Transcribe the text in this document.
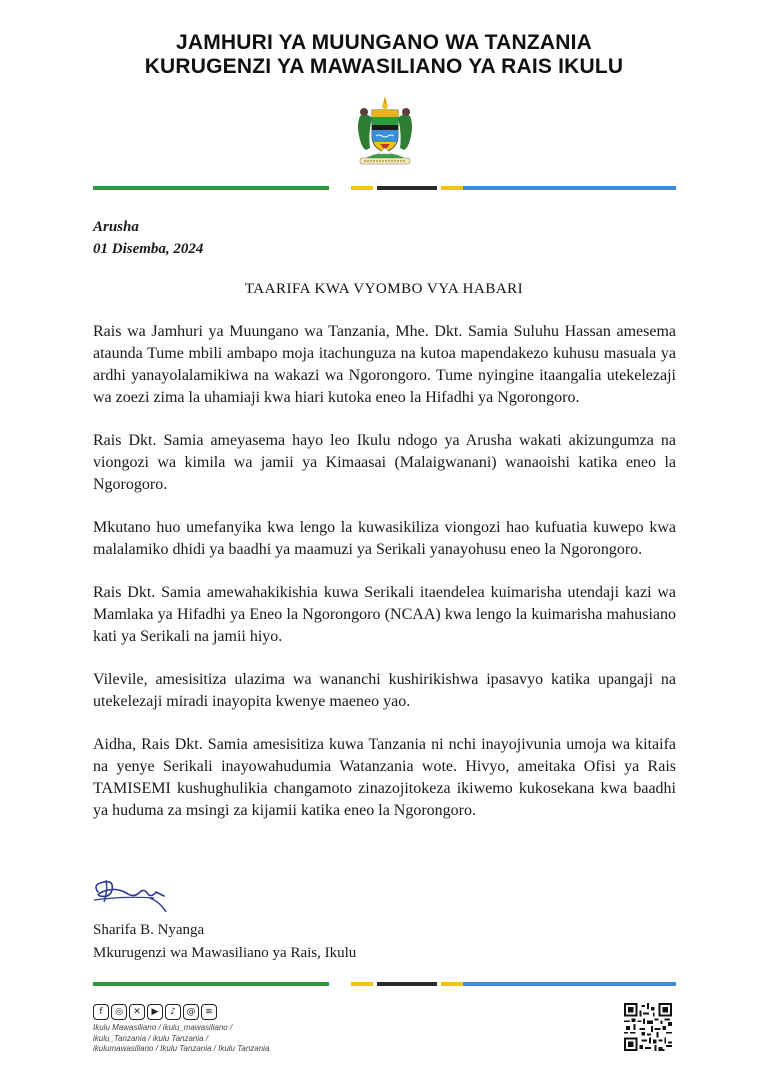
JAMHURI YA MUUNGANO WA TANZANIA
KURUGENZI YA MAWASILIANO YA RAIS IKULU
Arusha
01 Disemba, 2024
TAARIFA KWA VYOMBO VYA HABARI

Rais wa Jamhuri ya Muungano wa Tanzania, Mhe. Dkt. Samia Suluhu Hassan amesema ataunda Tume mbili ambapo moja itachunguza na kutoa mapendakezo kuhusu masuala ya ardhi yanayolalamikiwa na wakazi wa Ngorongoro. Tume nyingine itaangalia utekelezaji wa zoezi zima la uhamiaji kwa hiari kutoka eneo la Hifadhi ya Ngorongoro.

Rais Dkt. Samia ameyasema hayo leo Ikulu ndogo ya Arusha wakati akizungumza na viongozi wa kimila wa jamii ya Kimaasai (Malaigwanani) wanaoishi katika eneo la Ngorogoro.

Mkutano huo umefanyika kwa lengo la kuwasikiliza viongozi hao kufuatia kuwepo kwa malalamiko dhidi ya baadhi ya maamuzi ya Serikali yanayohusu eneo la Ngorongoro.

Rais Dkt. Samia amewahakikishia kuwa Serikali itaendelea kuimarisha utendaji kazi wa Mamlaka ya Hifadhi ya Eneo la Ngorongoro (NCAA) kwa lengo la kuimarisha mahusiano kati ya Serikali na jamii hiyo.

Vilevile, amesisitiza ulazima wa wananchi kushirikishwa ipasavyo katika upangaji na utekelezaji miradi inayopita kwenye maeneo yao.

Aidha, Rais Dkt. Samia amesisitiza kuwa Tanzania ni nchi inayojivunia umoja wa kitaifa na yenye Serikali inayowahudumia Watanzania wote. Hivyo, ameitaka Ofisi ya Rais TAMISEMI kushughulikia changamoto zinazojitokeza ikiwemo kukosekana kwa baadhi ya huduma za msingi za kijamii katika eneo la Ngorongoro.

Sharifa B. Nyanga
Mkurugenzi wa Mawasiliano ya Rais, Ikulu
f	◎	✕	▶	♪	@	≋
Ikulu Mawasiliano / ikulu_mawasiliano /
ikulu_Tanzania / ikulu Tanzania /
ikulumawasiliano / Ikulu Tanzania / Ikulu Tanzania
